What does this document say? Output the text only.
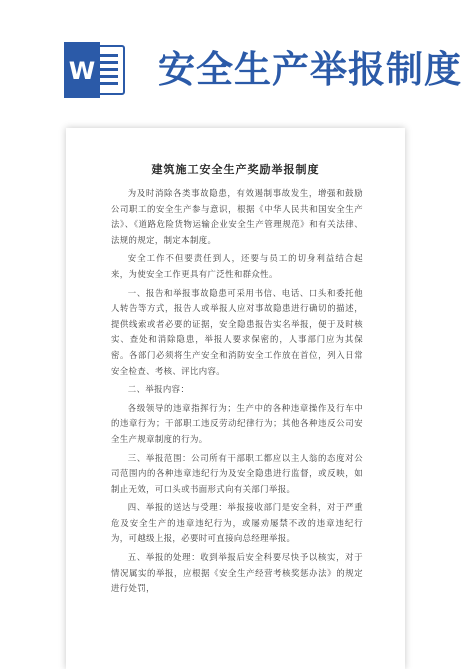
W 安全生产举报制度
建筑施工安全生产奖励举报制度

为及时消除各类事故隐患，有效遏制事故发生，增强和鼓励公司职工的安全生产参与意识，根据《中华人民共和国安全生产法》、《道路危险货物运输企业安全生产管理规范》和有关法律、法规的规定，制定本制度。

安全工作不但要责任到人，还要与员工的切身利益结合起来，为使安全工作更具有广泛性和群众性。

一、报告和举报事故隐患可采用书信、电话、口头和委托他人转告等方式，报告人或举报人应对事故隐患进行确切的描述，提供线索或者必要的证据，安全隐患报告实名举报，便于及时核实、查处和消除隐患，举报人要求保密的，人事部门应为其保密。各部门必须将生产安全和消防安全工作放在首位，列入日常安全检查、考核、评比内容。

二、举报内容：

各级领导的违章指挥行为；生产中的各种违章操作及行车中的违章行为；干部职工违反劳动纪律行为；其他各种违反公司安全生产规章制度的行为。

三、举报范围：公司所有干部职工都应以主人翁的态度对公司范围内的各种违章违纪行为及安全隐患进行监督，或反映，如制止无效，可口头或书面形式向有关部门举报。

四、举报的送达与受理：举报接收部门是安全科，对于严重危及安全生产的违章违纪行为，或屡劝屡禁不改的违章违纪行为，可越级上报，必要时可直接向总经理举报。

五、举报的处理：收到举报后安全科要尽快予以核实，对于情况属实的举报，应根据《安全生产经营考核奖惩办法》的规定进行处罚，
